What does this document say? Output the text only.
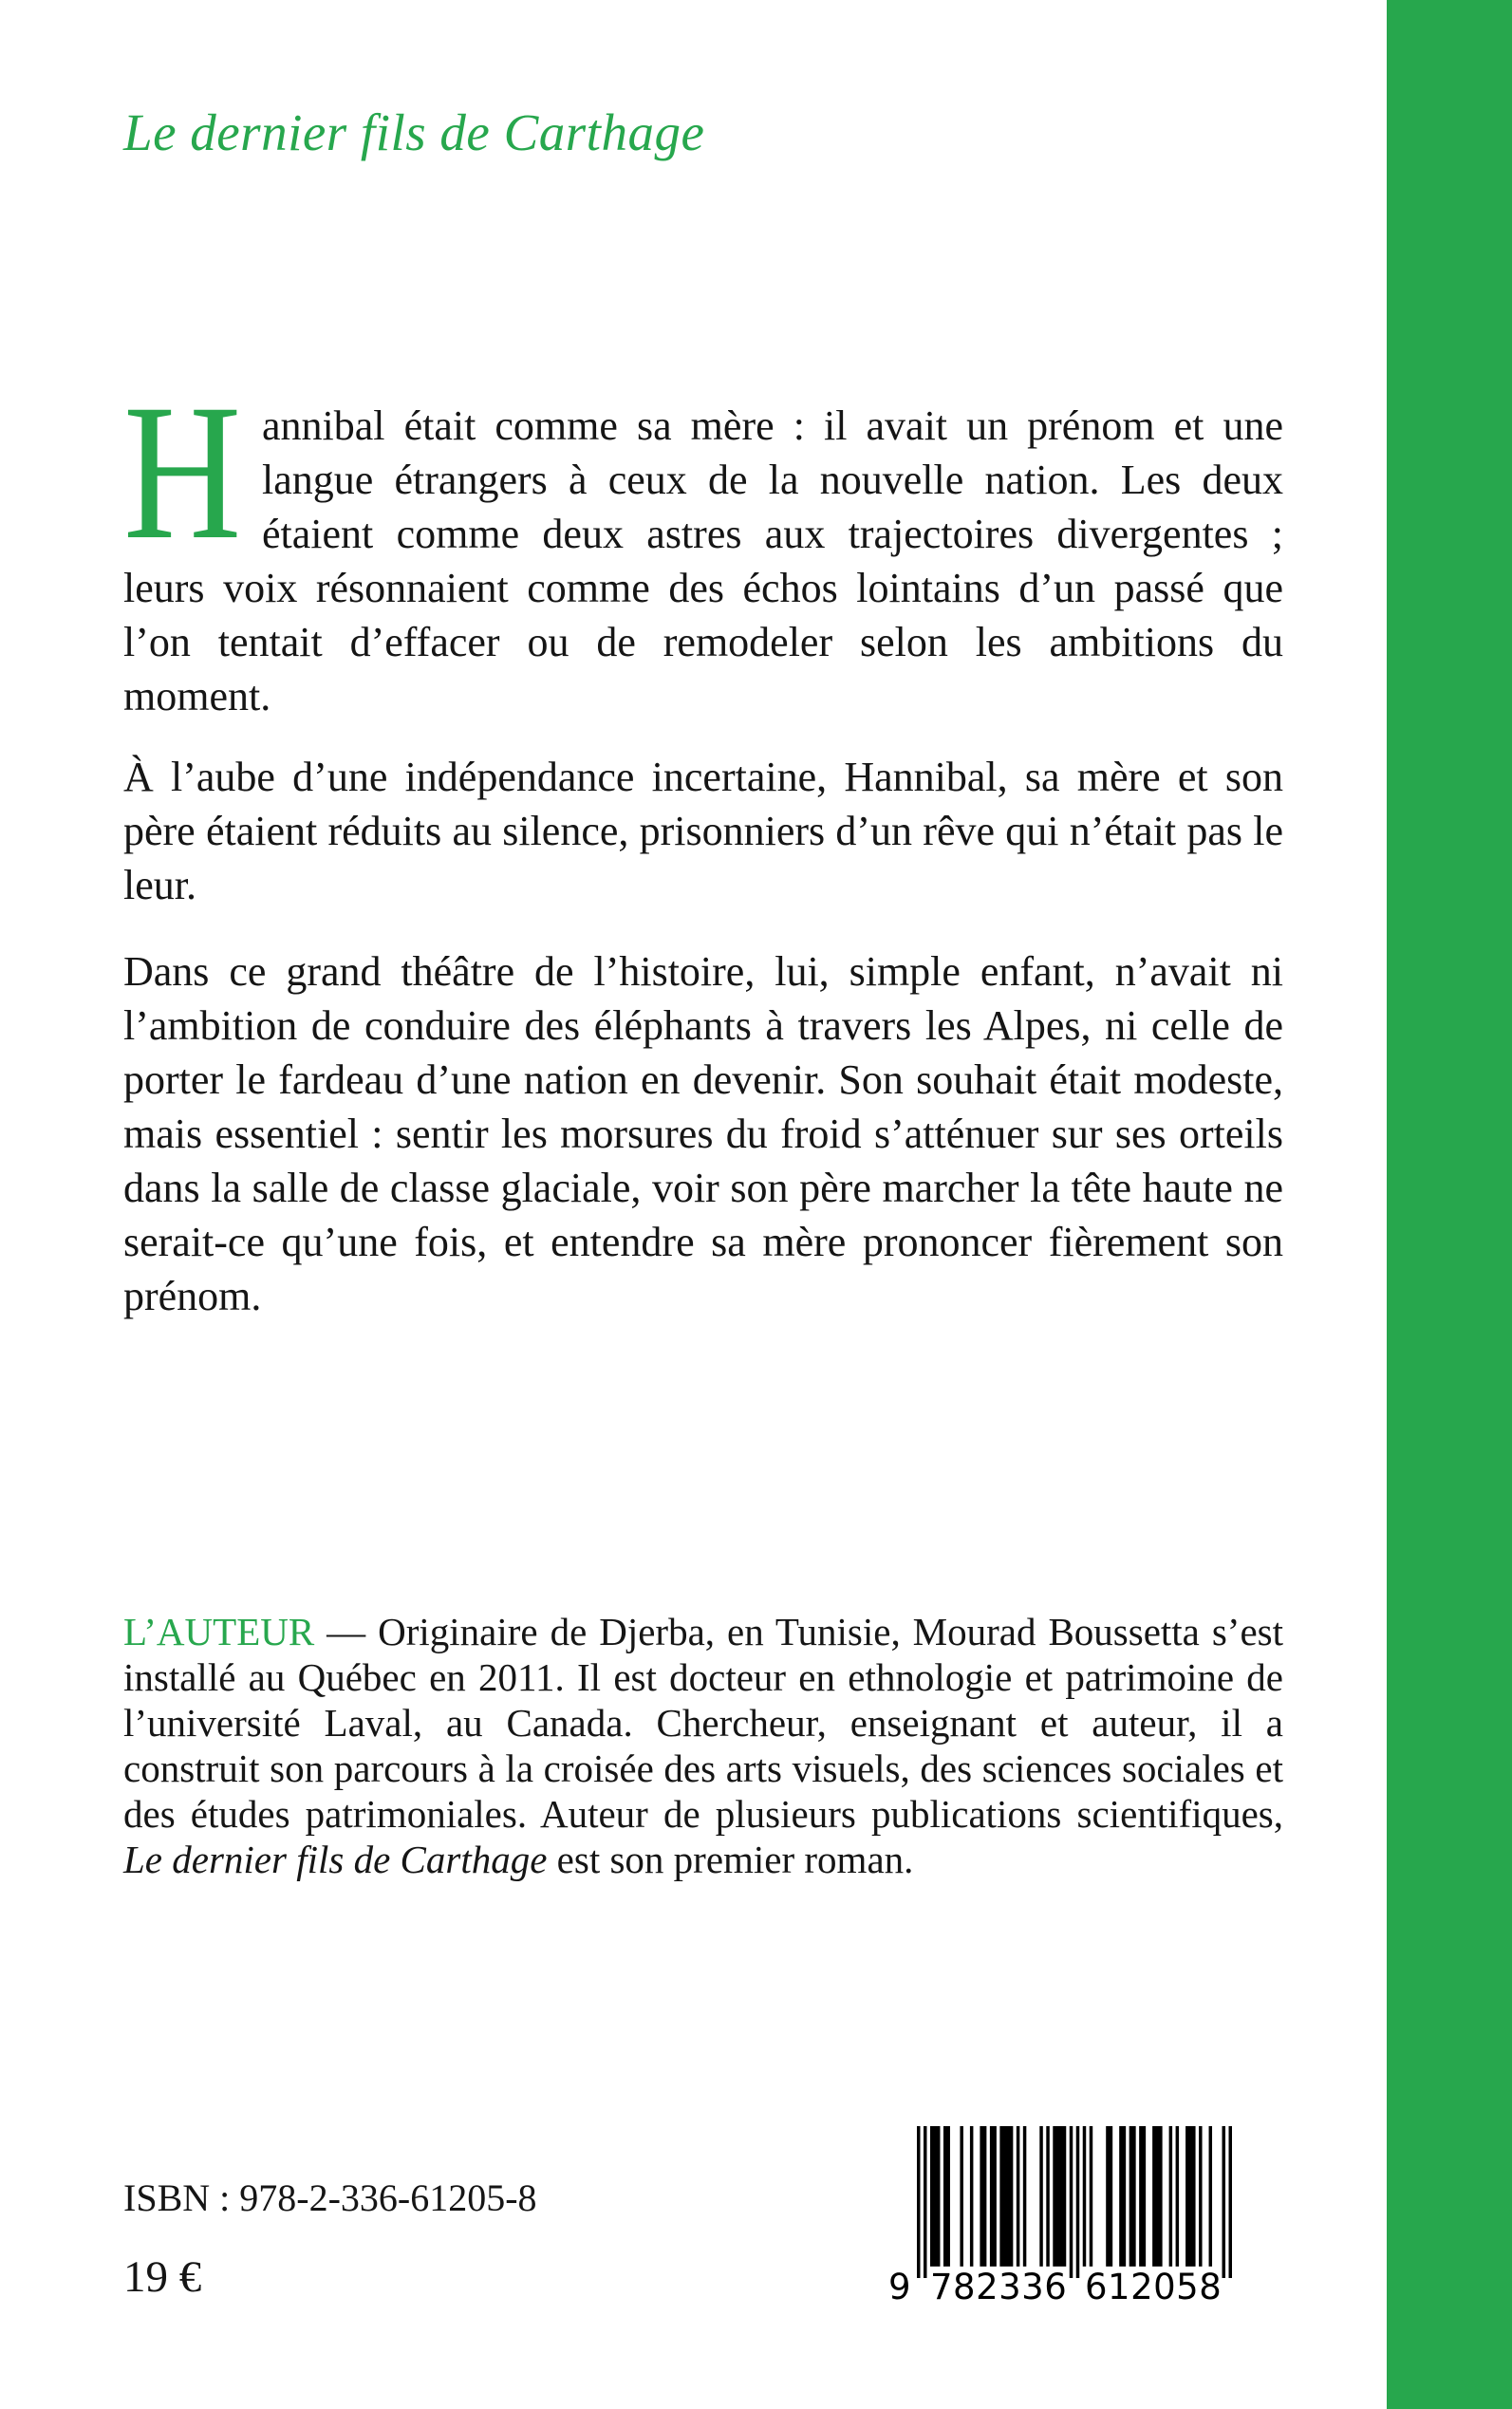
Le dernier fils de Carthage

Hannibal était comme sa mère : il avait un prénom et une langue étrangers à ceux de la nouvelle nation. Les deux étaient comme deux astres aux trajectoires divergentes ; leurs voix résonnaient comme des échos lointains d’un passé que l’on tentait d’effacer ou de remodeler selon les ambitions du moment.

À l’aube d’une indépendance incertaine, Hannibal, sa mère et son père étaient réduits au silence, prisonniers d’un rêve qui n’était pas le leur.

Dans ce grand théâtre de l’histoire, lui, simple enfant, n’avait ni l’ambition de conduire des éléphants à travers les Alpes, ni celle de porter le fardeau d’une nation en devenir. Son souhait était modeste, mais essentiel : sentir les morsures du froid s’atténuer sur ses orteils dans la salle de classe glaciale, voir son père marcher la tête haute ne serait-ce qu’une fois, et entendre sa mère prononcer fièrement son prénom.

L’AUTEUR — Originaire de Djerba, en Tunisie, Mourad Boussetta s’est installé au Québec en 2011. Il est docteur en ethnologie et patrimoine de l’université Laval, au Canada. Chercheur, enseignant et auteur, il a construit son parcours à la croisée des arts visuels, des sciences sociales et des études patrimoniales. Auteur de plusieurs publications scientifiques, Le dernier fils de Carthage est son premier roman.

ISBN : 978-2-336-61205-8
19 €	9 782336 612058
